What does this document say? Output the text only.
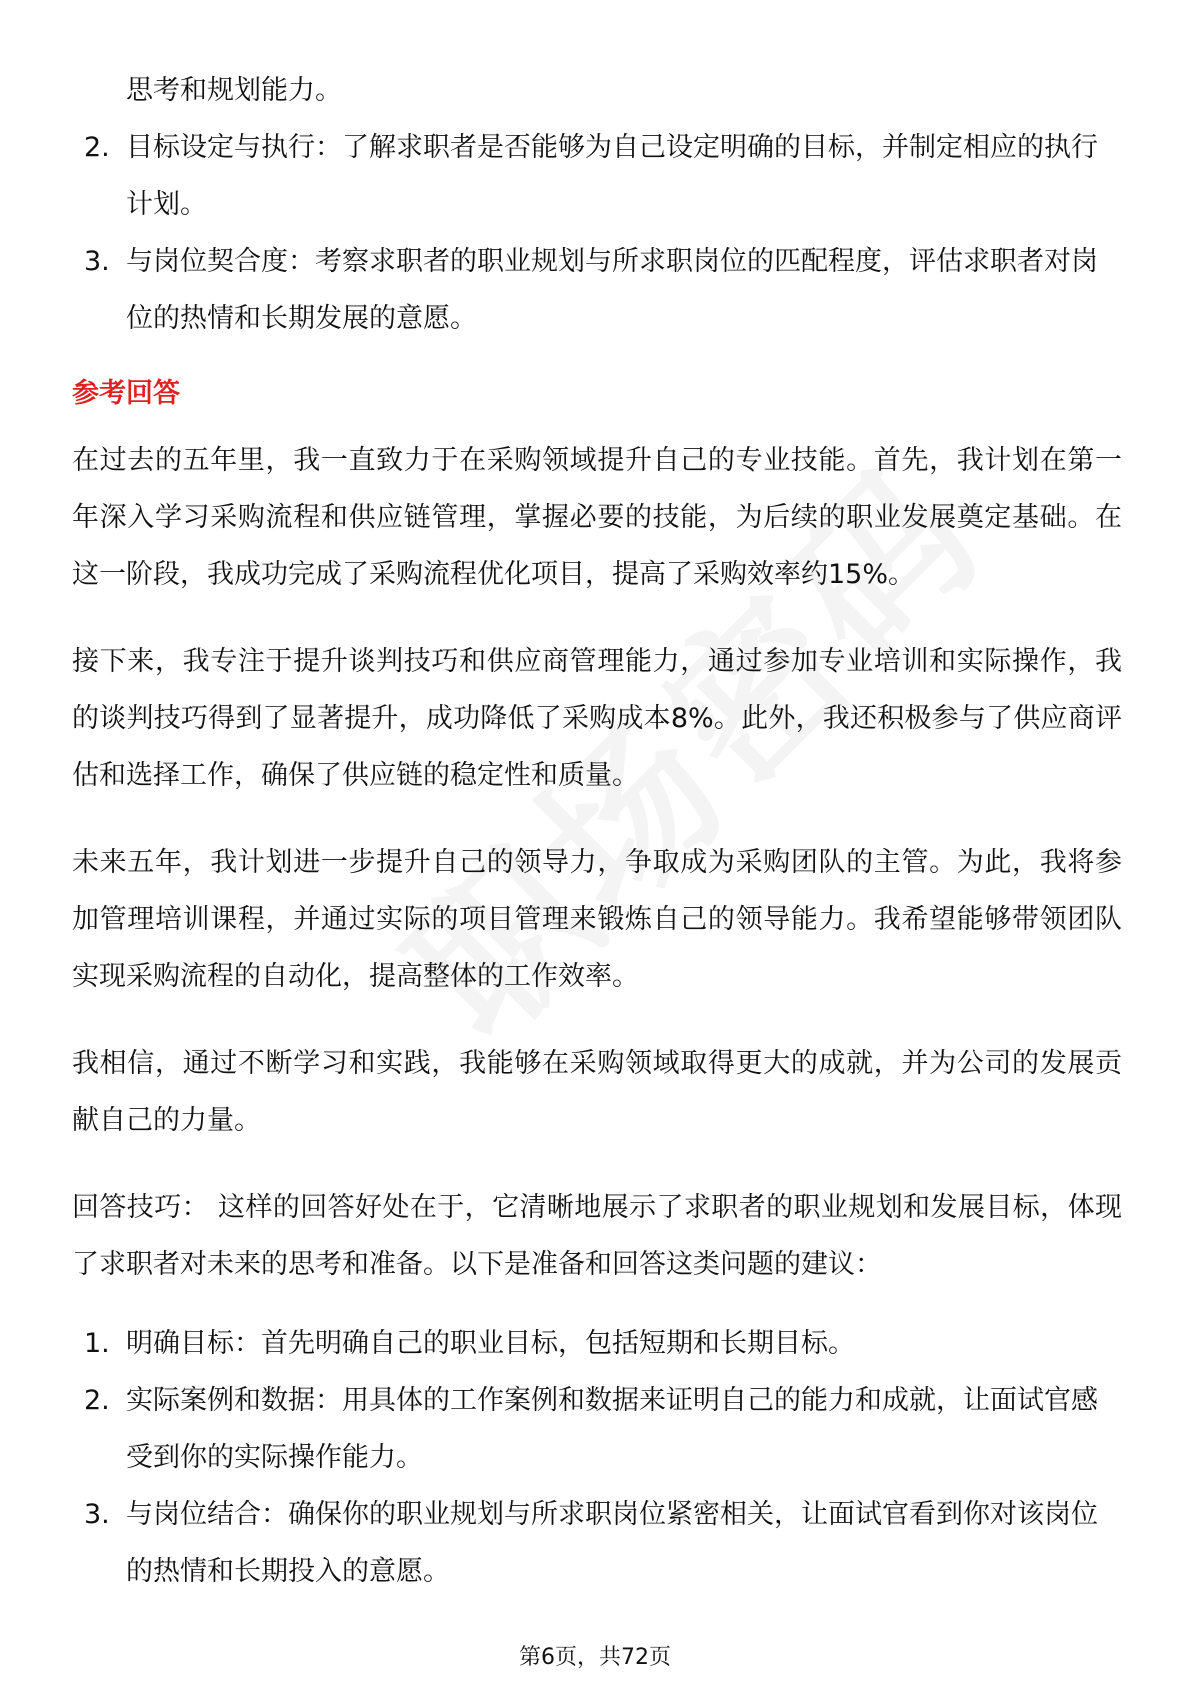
思考和规划能力。
2. 目标设定与执行：了解求职者是否能够为自己设定明确的目标，并制定相应的执行计划。
3. 与岗位契合度：考察求职者的职业规划与所求职岗位的匹配程度，评估求职者对岗位的热情和长期发展的意愿。
参考回答

在过去的五年里，我一直致力于在采购领域提升自己的专业技能。首先，我计划在第一年深入学习采购流程和供应链管理，掌握必要的技能，为后续的职业发展奠定基础。在这一阶段，我成功完成了采购流程优化项目，提高了采购效率约15%。

接下来，我专注于提升谈判技巧和供应商管理能力，通过参加专业培训和实际操作，我的谈判技巧得到了显著提升，成功降低了采购成本8%。此外，我还积极参与了供应商评估和选择工作，确保了供应链的稳定性和质量。

未来五年，我计划进一步提升自己的领导力，争取成为采购团队的主管。为此，我将参加管理培训课程，并通过实际的项目管理来锻炼自己的领导能力。我希望能够带领团队实现采购流程的自动化，提高整体的工作效率。

我相信，通过不断学习和实践，我能够在采购领域取得更大的成就，并为公司的发展贡献自己的力量。

回答技巧： 这样的回答好处在于，它清晰地展示了求职者的职业规划和发展目标，体现了求职者对未来的思考和准备。以下是准备和回答这类问题的建议：

1. 明确目标：首先明确自己的职业目标，包括短期和长期目标。
2. 实际案例和数据：用具体的工作案例和数据来证明自己的能力和成就，让面试官感受到你的实际操作能力。
3. 与岗位结合：确保你的职业规划与所求职岗位紧密相关，让面试官看到你对该岗位的热情和长期投入的意愿。
第6页，共72页
